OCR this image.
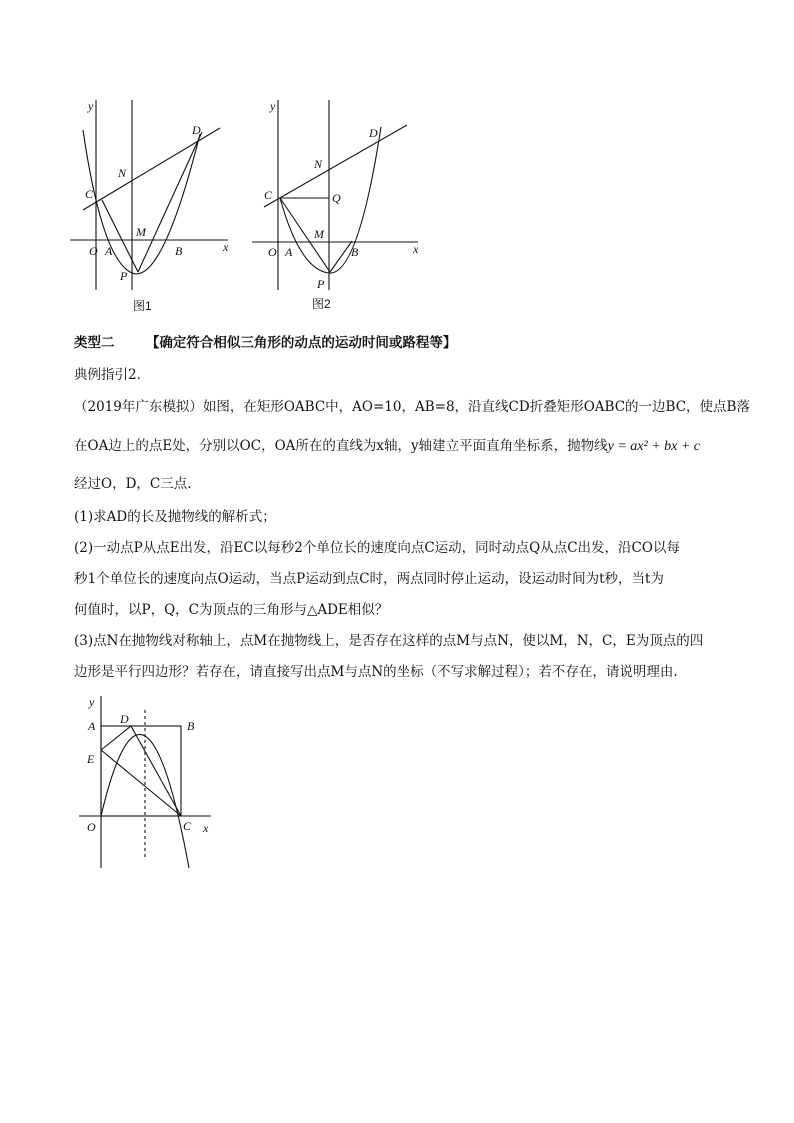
y
x
O A	B
C
D
N
M
P
图1
y
x
O A	B
C
D
N
M
Q
P
图2
类型二 【确定符合相似三角形的动点的运动时间或路程等】
典例指引2．
（2019年广东模拟）如图，在矩形OABC中，AO=10，AB=8，沿直线CD折叠矩形OABC的一边BC，使点B落
在OA边上的点E处，分别以OC，OA所在的直线为x轴，y轴建立平面直角坐标系，抛物线y = ax² + bx + c
经过O，D，C三点.
(1)求AD的长及抛物线的解析式；
(2)一动点P从点E出发，沿EC以每秒2个单位长的速度向点C运动，同时动点Q从点C出发，沿CO以每
秒1个单位长的速度向点O运动，当点P运动到点C时，两点同时停止运动，设运动时间为t秒，当t为
何值时，以P，Q，C为顶点的三角形与△ADE相似？
(3)点N在抛物线对称轴上，点M在抛物线上，是否存在这样的点M与点N，使以M，N，C，E为顶点的四
边形是平行四边形？若存在，请直接写出点M与点N的坐标（不写求解过程）；若不存在，请说明理由.
y
x
O
A	B
C
D
E
